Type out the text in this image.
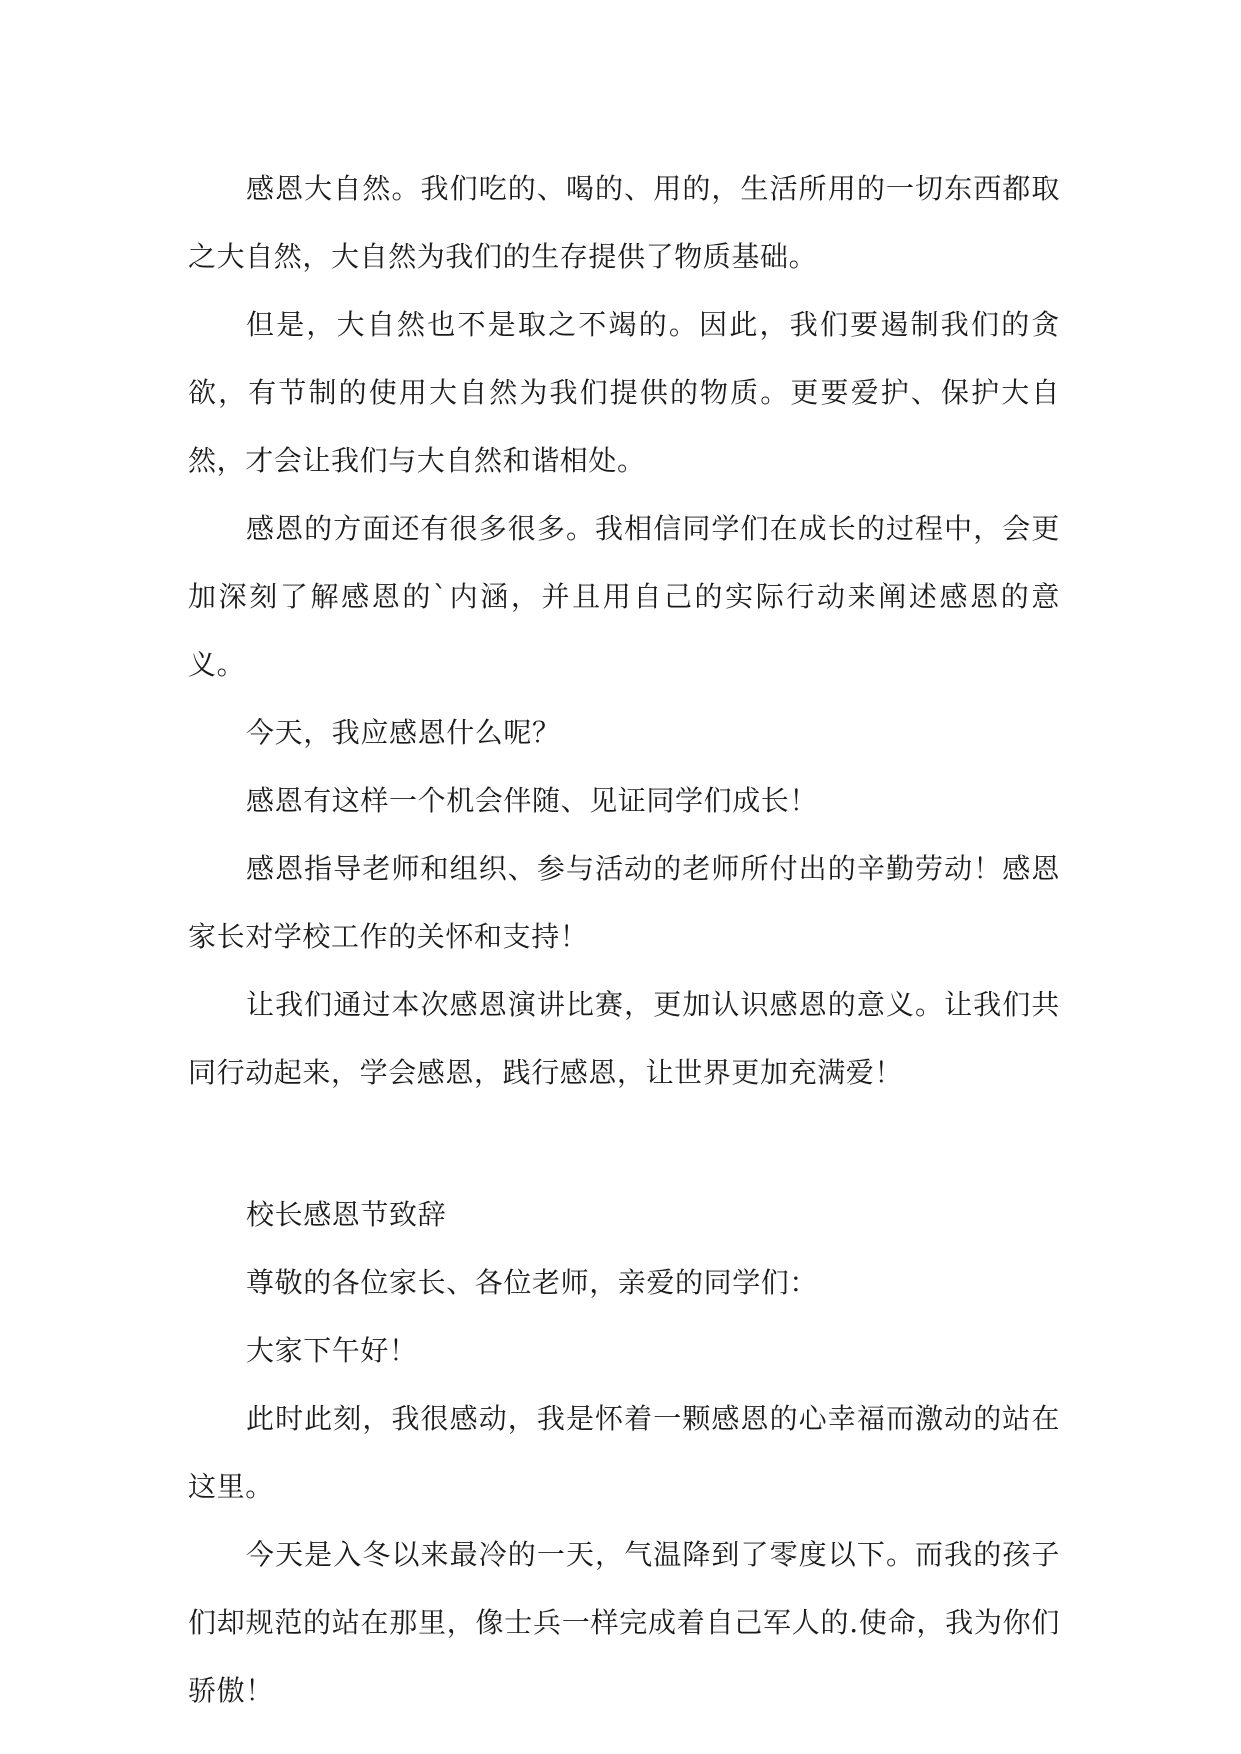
感恩大自然。我们吃的、喝的、用的，生活所用的一切东西都取之大自然，大自然为我们的生存提供了物质基础。

但是，大自然也不是取之不竭的。因此，我们要遏制我们的贪欲，有节制的使用大自然为我们提供的物质。更要爱护、保护大自然，才会让我们与大自然和谐相处。

感恩的方面还有很多很多。我相信同学们在成长的过程中，会更加深刻了解感恩的`内涵，并且用自己的实际行动来阐述感恩的意义。

今天，我应感恩什么呢？

感恩有这样一个机会伴随、见证同学们成长！

感恩指导老师和组织、参与活动的老师所付出的辛勤劳动！感恩家长对学校工作的关怀和支持！

让我们通过本次感恩演讲比赛，更加认识感恩的意义。让我们共同行动起来，学会感恩，践行感恩，让世界更加充满爱！

校长感恩节致辞

尊敬的各位家长、各位老师，亲爱的同学们：

大家下午好！

此时此刻，我很感动，我是怀着一颗感恩的心幸福而激动的站在这里。

今天是入冬以来最冷的一天，气温降到了零度以下。而我的孩子们却规范的站在那里，像士兵一样完成着自己军人的.使命，我为你们骄傲！
